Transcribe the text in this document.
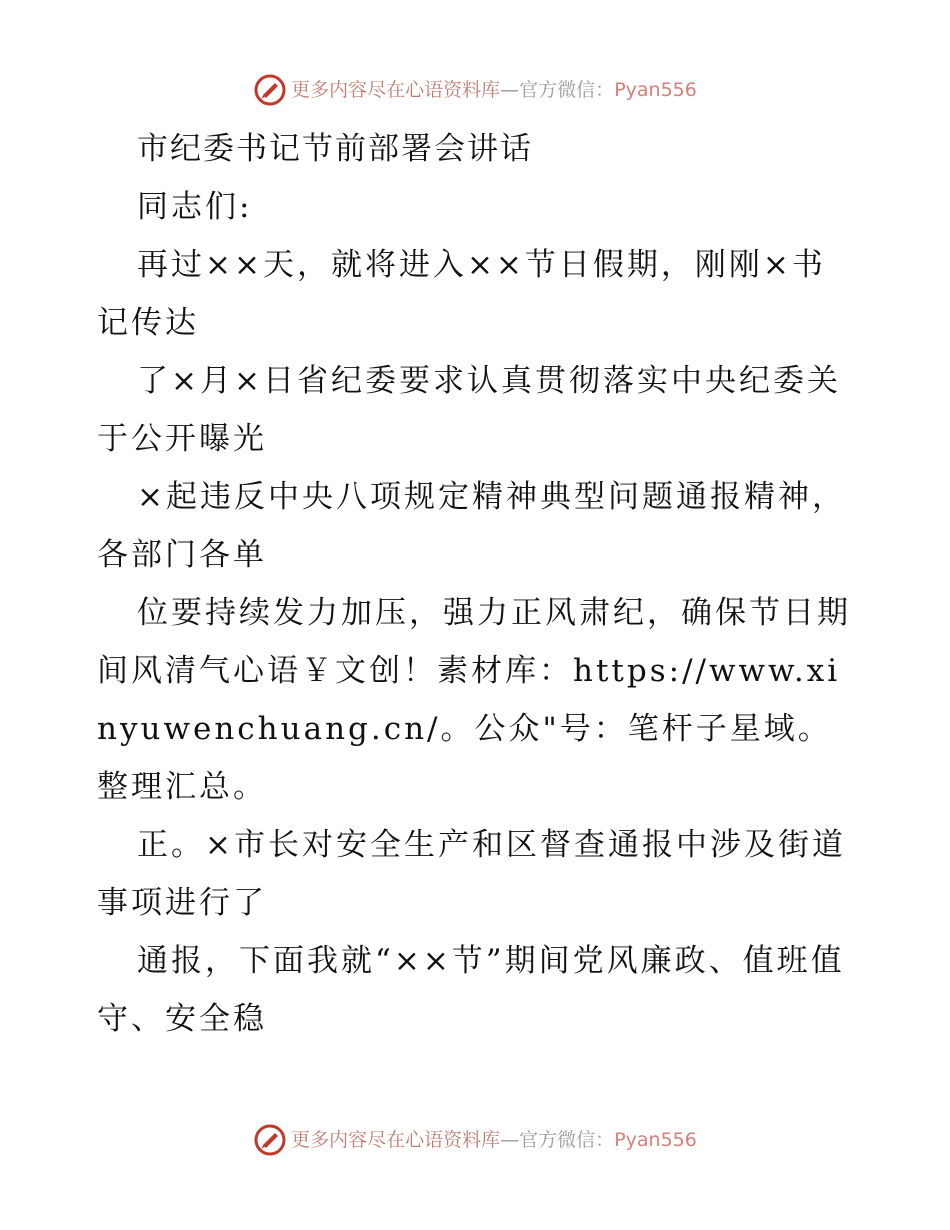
更多内容尽在心语资料库—官方微信：Pyan556

市纪委书记节前部署会讲话

同志们:

再过××天，就将进入××节日假期，刚刚×书记传达

了×月×日省纪委要求认真贯彻落实中央纪委关于公开曝光

×起违反中央八项规定精神典型问题通报精神，各部门各单

位要持续发力加压，强力正风肃纪，确保节日期间风清气心语￥文创！素材库：https://www.xinyuwenchuang.cn/。公众"号：笔杆子星域。整理汇总。

正。×市长对安全生产和区督查通报中涉及街道事项进行了

通报，下面我就“××节”期间党风廉政、值班值守、安全稳

更多内容尽在心语资料库—官方微信：Pyan556
